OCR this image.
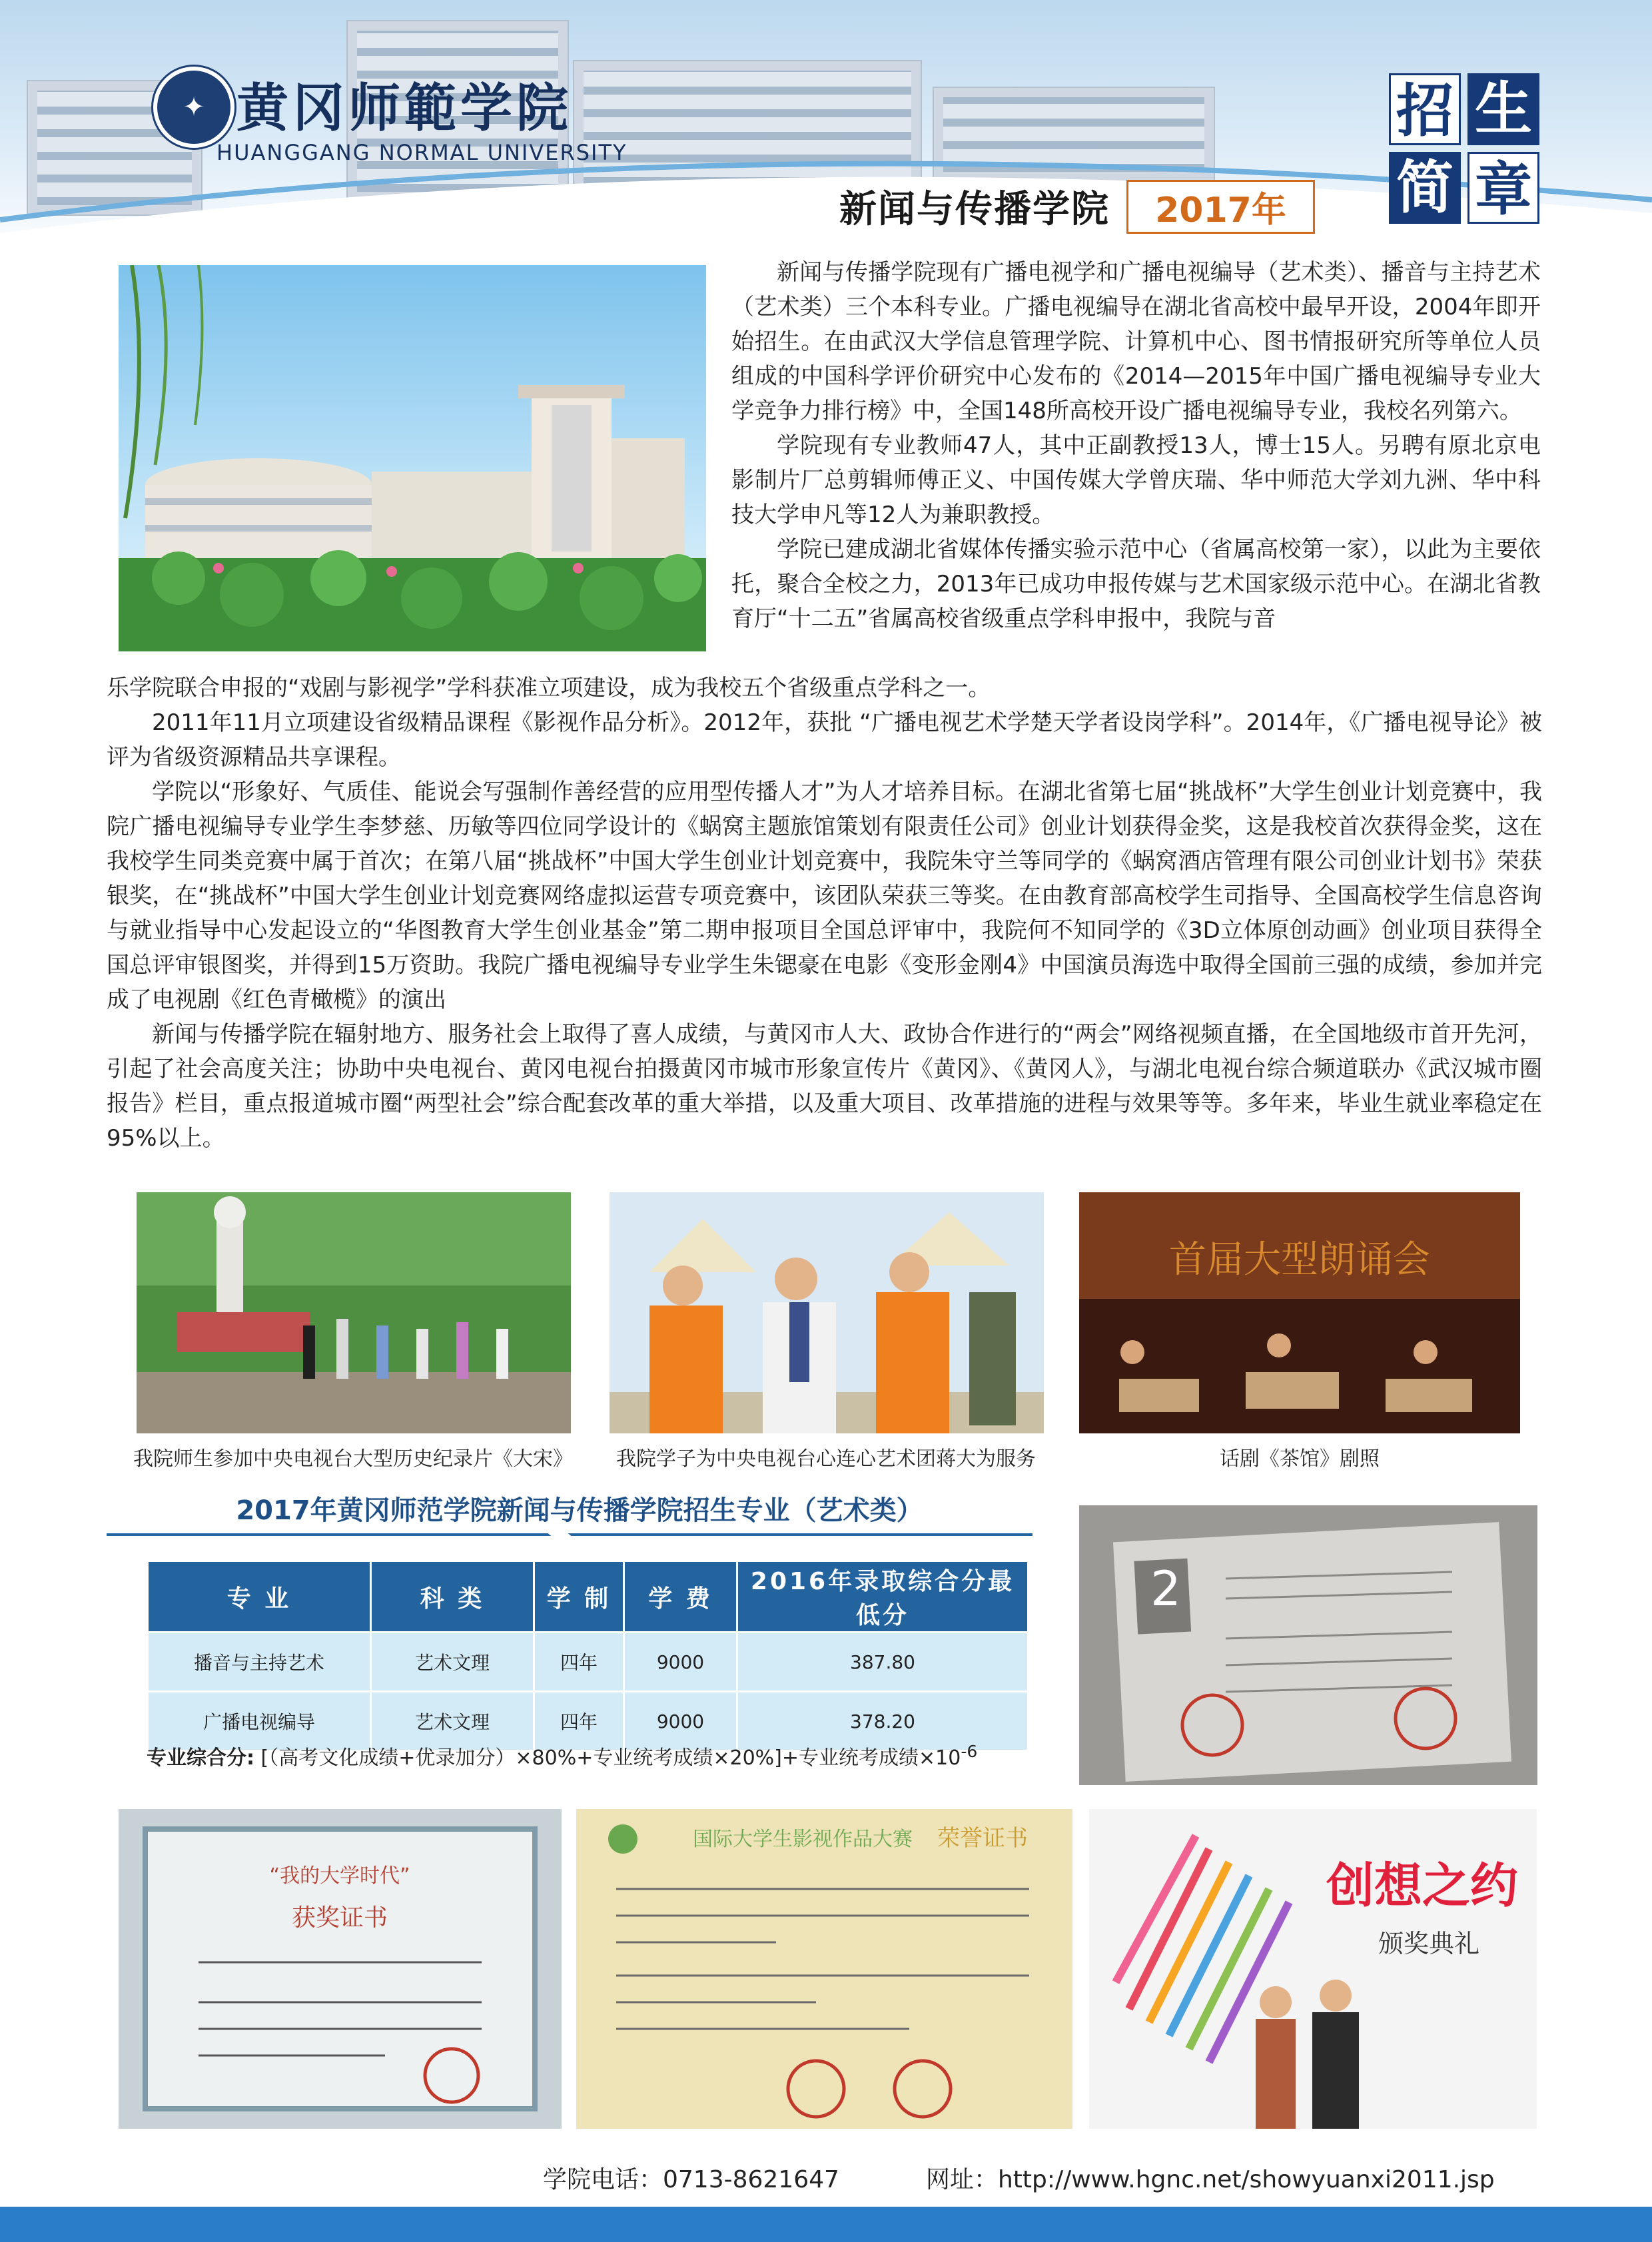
✦ 黄冈师範学院
HUANGGANG NORMAL UNIVERSITY
招 生
简 章
新闻与传播学院 2017年

新闻与传播学院现有广播电视学和广播电视编导（艺术类）、播音与主持艺术（艺术类）三个本科专业。广播电视编导在湖北省高校中最早开设，2004年即开始招生。在由武汉大学信息管理学院、计算机中心、图书情报研究所等单位人员组成的中国科学评价研究中心发布的《2014—2015年中国广播电视编导专业大学竞争力排行榜》中，全国148所高校开设广播电视编导专业，我校名列第六。

学院现有专业教师47人，其中正副教授13人，博士15人。另聘有原北京电影制片厂总剪辑师傅正义、中国传媒大学曾庆瑞、华中师范大学刘九洲、华中科技大学申凡等12人为兼职教授。

学院已建成湖北省媒体传播实验示范中心（省属高校第一家），以此为主要依托，聚合全校之力，2013年已成功申报传媒与艺术国家级示范中心。在湖北省教育厅“十二五”省属高校省级重点学科申报中，我院与音

乐学院联合申报的“戏剧与影视学”学科获准立项建设，成为我校五个省级重点学科之一。

2011年11月立项建设省级精品课程《影视作品分析》。2012年，获批 “广播电视艺术学楚天学者设岗学科”。2014年，《广播电视导论》被评为省级资源精品共享课程。

学院以“形象好、气质佳、能说会写强制作善经营的应用型传播人才”为人才培养目标。在湖北省第七届“挑战杯”大学生创业计划竞赛中，我院广播电视编导专业学生李梦慈、历敏等四位同学设计的《蜗窝主题旅馆策划有限责任公司》创业计划获得金奖，这是我校首次获得金奖，这在我校学生同类竞赛中属于首次；在第八届“挑战杯”中国大学生创业计划竞赛中，我院朱守兰等同学的《蜗窝酒店管理有限公司创业计划书》荣获银奖，在“挑战杯”中国大学生创业计划竞赛网络虚拟运营专项竞赛中，该团队荣获三等奖。在由教育部高校学生司指导、全国高校学生信息咨询与就业指导中心发起设立的“华图教育大学生创业基金”第二期申报项目全国总评审中，我院何不知同学的《3D立体原创动画》创业项目获得全国总评审银图奖，并得到15万资助。我院广播电视编导专业学生朱锶豪在电影《变形金刚4》中国演员海选中取得全国前三强的成绩，参加并完成了电视剧《红色青橄榄》的演出

新闻与传播学院在辐射地方、服务社会上取得了喜人成绩，与黄冈市人大、政协合作进行的“两会”网络视频直播，在全国地级市首开先河，引起了社会高度关注；协助中央电视台、黄冈电视台拍摄黄冈市城市形象宣传片《黄冈》、《黄冈人》，与湖北电视台综合频道联办《武汉城市圈报告》栏目，重点报道城市圈“两型社会”综合配套改革的重大举措，以及重大项目、改革措施的进程与效果等等。多年来，毕业生就业率稳定在95%以上。

我院师生参加中央电视台大型历史纪录片《大宋》	我院学子为中央电视台心连心艺术团蒋大为服务
首届大型朗诵会
话剧《茶馆》剧照
2017年黄冈师范学院新闻与传播学院招生专业（艺术类）
专 业	科 类	学 制	学 费	2016年录取综合分最低分
播音与主持艺术	艺术文理	四年	9000	387.80
广播电视编导	艺术文理	四年	9000	378.20
专业综合分: [（高考文化成绩+优录加分）×80%+专业统考成绩×20%]+专业统考成绩$\times 10^{-6}$
2
“我的大学时代”
获奖证书
国际大学生影视作品大赛 荣誉证书
创想之约
颁奖典礼
学院电话：0713-8621647	网址：http://www.hgnc.net/showyuanxi2011.jsp
